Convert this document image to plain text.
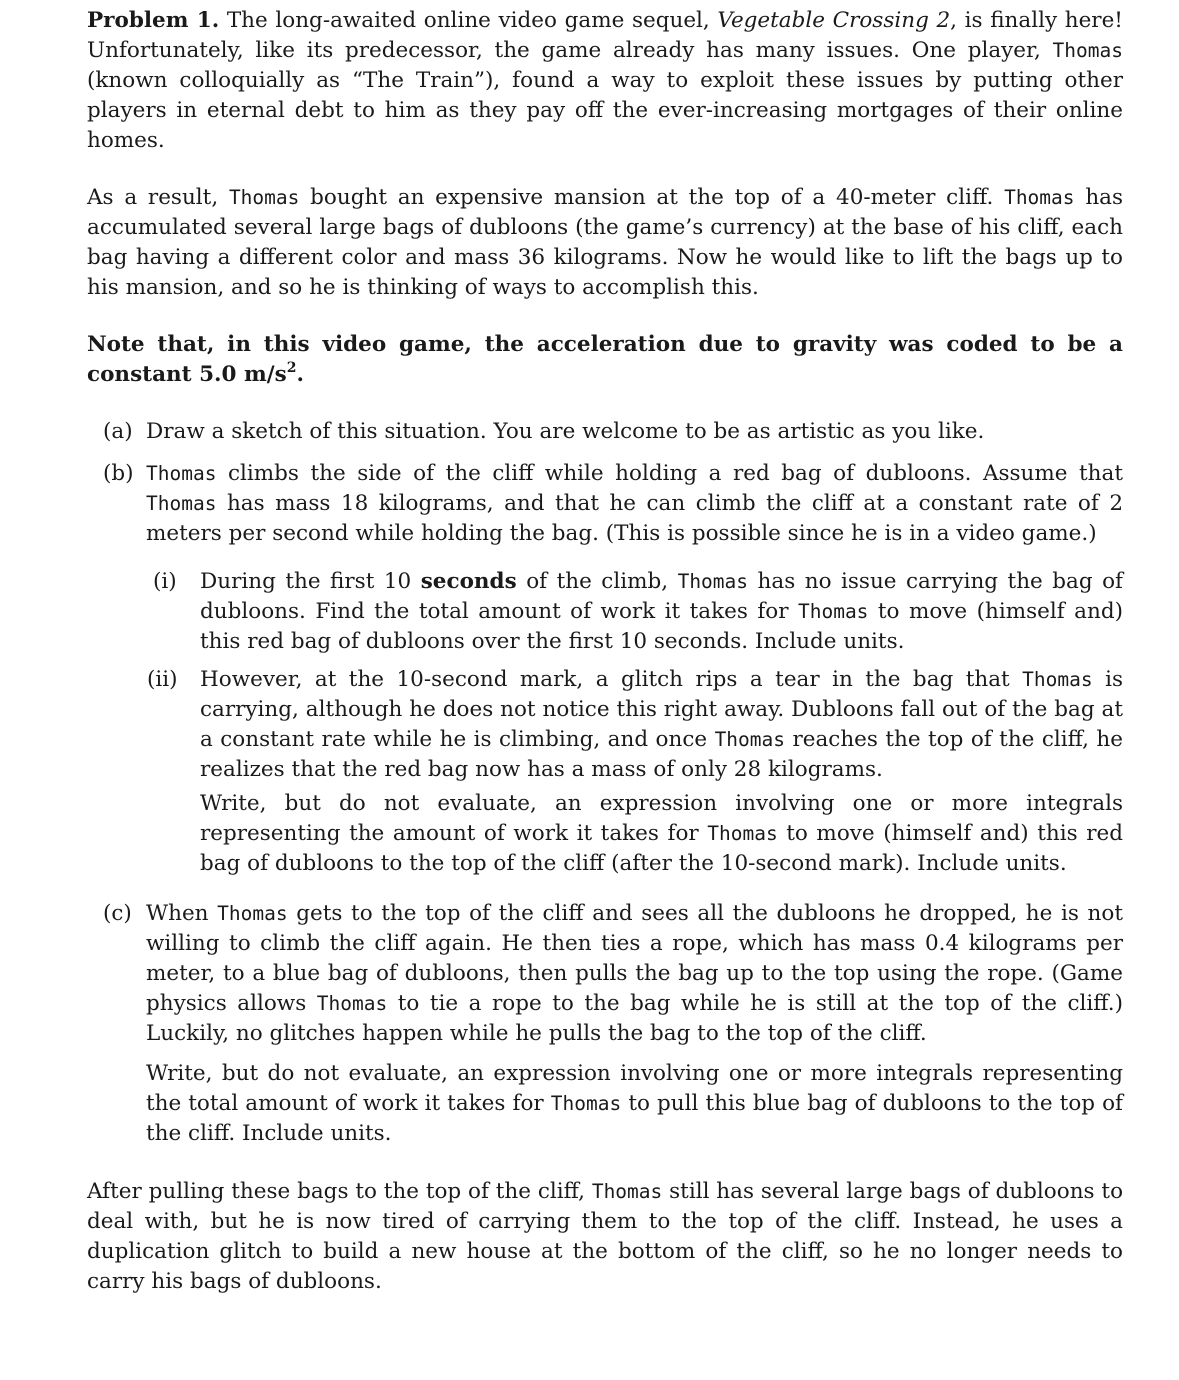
Problem 1. The long-awaited online video game sequel, Vegetable Crossing 2, is finally here! Unfortunately, like its predecessor, the game already has many issues. One player, Thomas (known colloquially as “The Train”), found a way to exploit these issues by putting other players in eternal debt to him as they pay off the ever-increasing mortgages of their online homes.

As a result, Thomas bought an expensive mansion at the top of a 40-meter cliff. Thomas has accumulated several large bags of dubloons (the game’s currency) at the base of his cliff, each bag having a different color and mass 36 kilograms. Now he would like to lift the bags up to his mansion, and so he is thinking of ways to accomplish this.

Note that, in this video game, the acceleration due to gravity was coded to be a constant 5.0 $m/s^2$.

(a) Draw a sketch of this situation. You are welcome to be as artistic as you like.

(b) Thomas climbs the side of the cliff while holding a red bag of dubloons. Assume that Thomas has mass 18 kilograms, and that he can climb the cliff at a constant rate of 2 meters per second while holding the bag. (This is possible since he is in a video game.)

(i) During the first 10 seconds of the climb, Thomas has no issue carrying the bag of dubloons. Find the total amount of work it takes for Thomas to move (himself and) this red bag of dubloons over the first 10 seconds. Include units.

(ii) However, at the 10-second mark, a glitch rips a tear in the bag that Thomas is carrying, although he does not notice this right away. Dubloons fall out of the bag at a constant rate while he is climbing, and once Thomas reaches the top of the cliff, he realizes that the red bag now has a mass of only 28 kilograms.

Write, but do not evaluate, an expression involving one or more integrals representing the amount of work it takes for Thomas to move (himself and) this red bag of dubloons to the top of the cliff (after the 10-second mark). Include units.

(c) When Thomas gets to the top of the cliff and sees all the dubloons he dropped, he is not willing to climb the cliff again. He then ties a rope, which has mass 0.4 kilograms per meter, to a blue bag of dubloons, then pulls the bag up to the top using the rope. (Game physics allows Thomas to tie a rope to the bag while he is still at the top of the cliff.) Luckily, no glitches happen while he pulls the bag to the top of the cliff.

Write, but do not evaluate, an expression involving one or more integrals representing the total amount of work it takes for Thomas to pull this blue bag of dubloons to the top of the cliff. Include units.

After pulling these bags to the top of the cliff, Thomas still has several large bags of dubloons to deal with, but he is now tired of carrying them to the top of the cliff. Instead, he uses a duplication glitch to build a new house at the bottom of the cliff, so he no longer needs to carry his bags of dubloons.
